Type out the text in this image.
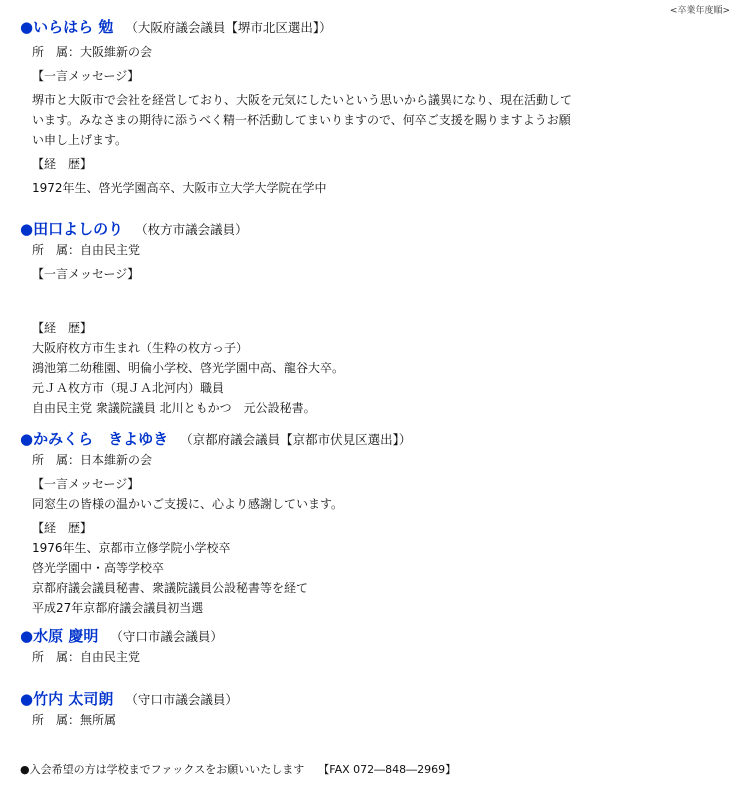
<卒業年度順>
●いらはら 勉 （大阪府議会議員【堺市北区選出】）
所　属：大阪維新の会
【一言メッセージ】
堺市と大阪市で会社を経営しており、大阪を元気にしたいという思いから議異になり、現在活動しています。みなさまの期待に添うべく精一杯活動してまいりますので、何卒ご支援を賜りますようお願い申し上げます。
【経　歴】
1972年生、啓光学園高卒、大阪市立大学大学院在学中
●田口よしのり （枚方市議会議員）
所　属：自由民主党
【一言メッセージ】
【経　歴】
大阪府枚方市生まれ（生粋の枚方っ子）
鴻池第二幼稚園、明倫小学校、啓光学園中高、龍谷大卒。
元ＪＡ枚方市（現ＪＡ北河内）職員
自由民主党 衆議院議員 北川ともかつ　元公設秘書。
●かみくら　きよゆき （京都府議会議員【京都市伏見区選出】）
所　属：日本維新の会
【一言メッセージ】
同窓生の皆様の温かいご支援に、心より感謝しています。
【経　歴】
1976年生、京都市立修学院小学校卒
啓光学園中・高等学校卒
京都府議会議員秘書、衆議院議員公設秘書等を経て
平成27年京都府議会議員初当選
●水原 慶明 （守口市議会議員）
所　属：自由民主党
●竹内 太司朗 （守口市議会議員）
所　属：無所属
●入会希望の方は学校までファックスをお願いいたします 【FAX 072―848―2969】
